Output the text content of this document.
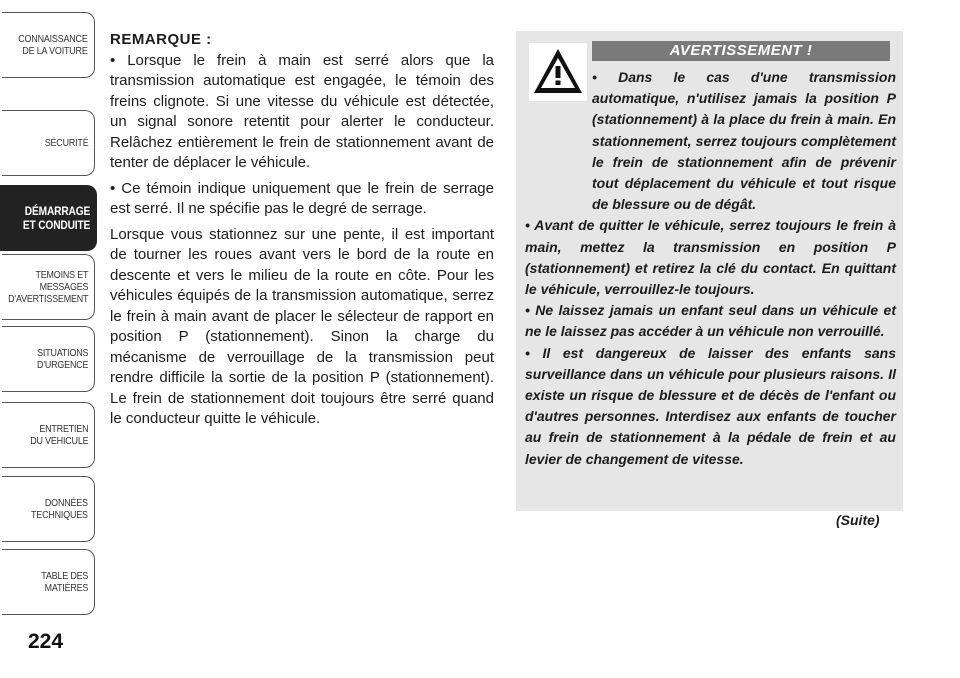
CONNAISSANCE
DE LA VOITURE
SÉCURITÉ
DÉMARRAGE
ET CONDUITE
TEMOINS ET
MESSAGES
D'AVERTISSEMENT
SITUATIONS
D'URGENCE
ENTRETIEN
DU VEHICULE
DONNÉES
TECHNIQUES
TABLE DES
MATIÈRES
224

REMARQUE :

• Lorsque le frein à main est serré alors que la transmission automatique est engagée, le témoin des freins clignote. Si une vitesse du véhicule est détectée, un signal sonore retentit pour alerter le conducteur. Relâchez entièrement le frein de stationnement avant de tenter de déplacer le véhicule.

• Ce témoin indique uniquement que le frein de serrage est serré. Il ne spécifie pas le degré de serrage.

Lorsque vous stationnez sur une pente, il est important de tourner les roues avant vers le bord de la route en descente et vers le milieu de la route en côte. Pour les véhicules équipés de la transmission automatique, serrez le frein à main avant de placer le sélecteur de rapport en position P (stationnement). Sinon la charge du mécanisme de verrouillage de la transmission peut rendre difficile la sortie de la position P (stationnement). Le frein de stationnement doit toujours être serré quand le conducteur quitte le véhicule.

AVERTISSEMENT !

• Dans le cas d'une transmission automatique, n'utilisez jamais la position P (stationnement) à la place du frein à main. En stationnement, serrez toujours complètement le frein de stationnement afin de prévenir tout déplacement du véhicule et tout risque de blessure ou de dégât.

• Avant de quitter le véhicule, serrez toujours le frein à main, mettez la transmission en position P (stationnement) et retirez la clé du contact. En quittant le véhicule, verrouillez-le toujours.

• Ne laissez jamais un enfant seul dans un véhicule et ne le laissez pas accéder à un véhicule non verrouillé.

• Il est dangereux de laisser des enfants sans surveillance dans un véhicule pour plusieurs raisons. Il existe un risque de blessure et de décès de l'enfant ou d'autres personnes. Interdisez aux enfants de toucher au frein de stationnement à la pédale de frein et au levier de changement de vitesse.

(Suite)
